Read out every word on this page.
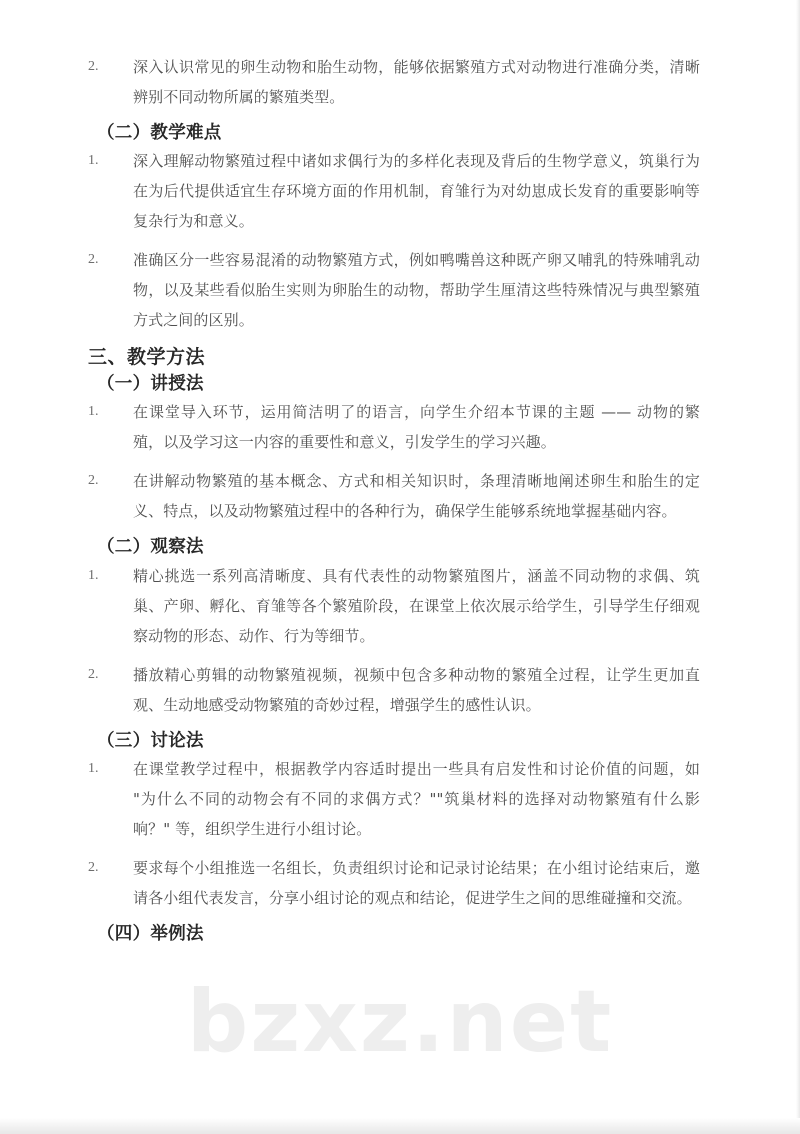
2.	深入认识常见的卵生动物和胎生动物，能够依据繁殖方式对动物进行准确分类，清晰辨别不同动物所属的繁殖类型。
（二）教学难点
1.	深入理解动物繁殖过程中诸如求偶行为的多样化表现及背后的生物学意义，筑巢行为在为后代提供适宜生存环境方面的作用机制，育雏行为对幼崽成长发育的重要影响等复杂行为和意义。
2.	准确区分一些容易混淆的动物繁殖方式，例如鸭嘴兽这种既产卵又哺乳的特殊哺乳动物，以及某些看似胎生实则为卵胎生的动物，帮助学生厘清这些特殊情况与典型繁殖方式之间的区别。
三、教学方法
（一）讲授法
1.	在课堂导入环节，运用简洁明了的语言，向学生介绍本节课的主题 —— 动物的繁殖，以及学习这一内容的重要性和意义，引发学生的学习兴趣。
2.	在讲解动物繁殖的基本概念、方式和相关知识时，条理清晰地阐述卵生和胎生的定义、特点，以及动物繁殖过程中的各种行为，确保学生能够系统地掌握基础内容。
（二）观察法
1.	精心挑选一系列高清晰度、具有代表性的动物繁殖图片，涵盖不同动物的求偶、筑巢、产卵、孵化、育雏等各个繁殖阶段，在课堂上依次展示给学生，引导学生仔细观察动物的形态、动作、行为等细节。
2.	播放精心剪辑的动物繁殖视频，视频中包含多种动物的繁殖全过程，让学生更加直观、生动地感受动物繁殖的奇妙过程，增强学生的感性认识。
（三）讨论法
1.	在课堂教学过程中，根据教学内容适时提出一些具有启发性和讨论价值的问题，如 "为什么不同的动物会有不同的求偶方式？""筑巢材料的选择对动物繁殖有什么影响？" 等，组织学生进行小组讨论。
2.	要求每个小组推选一名组长，负责组织讨论和记录讨论结果；在小组讨论结束后，邀请各小组代表发言，分享小组讨论的观点和结论，促进学生之间的思维碰撞和交流。
（四）举例法
bzxz.net
